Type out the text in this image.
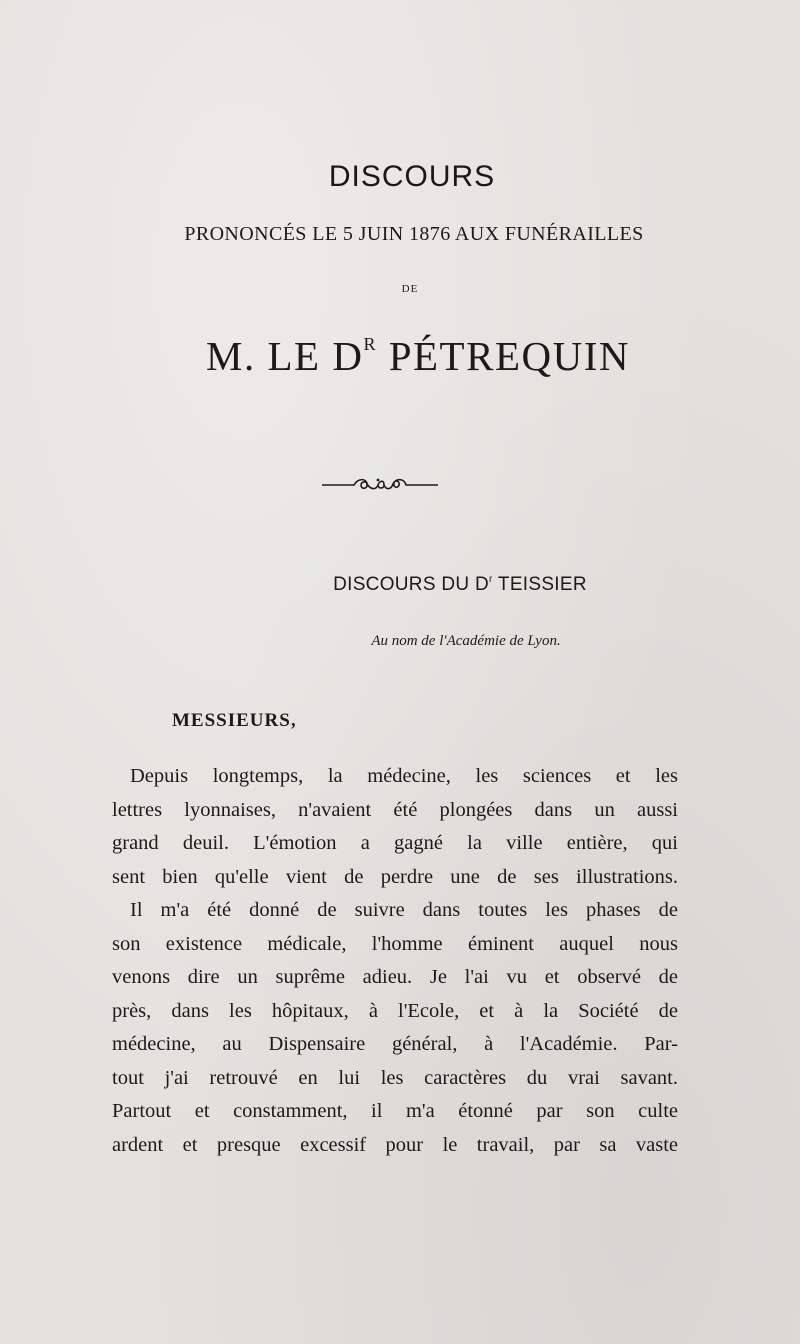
DISCOURS
PRONONCÉS LE 5 JUIN 1876 AUX FUNÉRAILLES
DE
M. LE $D^R$ PÉTREQUIN
DISCOURS DU $D^r$ TEISSIER
Au nom de l'Académie de Lyon.
MESSIEURS,
Depuis longtemps, la médecine, les sciences et les
lettres lyonnaises, n'avaient été plongées dans un aussi
grand deuil. L'émotion a gagné la ville entière, qui
sent bien qu'elle vient de perdre une de ses illustrations.
Il m'a été donné de suivre dans toutes les phases de
son existence médicale, l'homme éminent auquel nous
venons dire un suprême adieu. Je l'ai vu et observé de
près, dans les hôpitaux, à l'Ecole, et à la Société de
médecine, au Dispensaire général, à l'Académie. Par-
tout j'ai retrouvé en lui les caractères du vrai savant.
Partout et constamment, il m'a étonné par son culte
ardent et presque excessif pour le travail, par sa vaste
